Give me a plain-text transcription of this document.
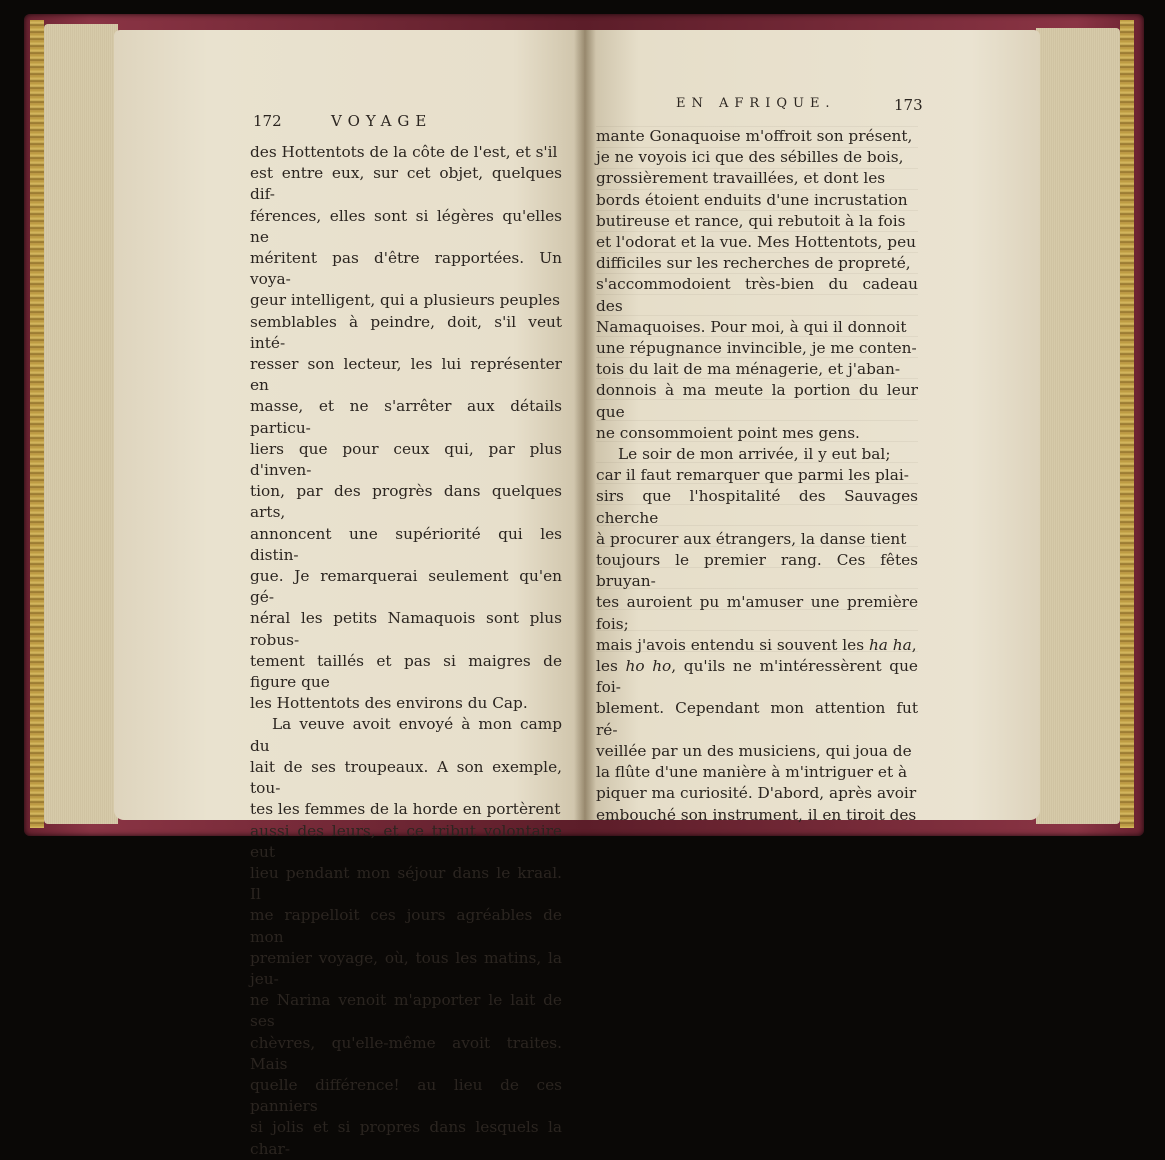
172	VOYAGE

des Hottentots de la côte de l'est, et s'il

est entre eux, sur cet objet, quelques dif-

férences, elles sont si légères qu'elles ne

méritent pas d'être rapportées. Un voya-

geur intelligent, qui a plusieurs peuples

semblables à peindre, doit, s'il veut inté-

resser son lecteur, les lui représenter en

masse, et ne s'arrêter aux détails particu-

liers que pour ceux qui, par plus d'inven-

tion, par des progrès dans quelques arts,

annoncent une supériorité qui les distin-

gue. Je remarquerai seulement qu'en gé-

néral les petits Namaquois sont plus robus-

tement taillés et pas si maigres de figure que

les Hottentots des environs du Cap.

La veuve avoit envoyé à mon camp du

lait de ses troupeaux. A son exemple, tou-

tes les femmes de la horde en portèrent

aussi des leurs, et ce tribut volontaire eut

lieu pendant mon séjour dans le kraal. Il

me rappelloit ces jours agréables de mon

premier voyage, où, tous les matins, la jeu-

ne Narina venoit m'apporter le lait de ses

chèvres, qu'elle-même avoit traites. Mais

quelle différence! au lieu de ces panniers

si jolis et si propres dans lesquels la char-

EN AFRIQUE.	173

mante Gonaquoise m'offroit son présent,

je ne voyois ici que des sébilles de bois,

grossièrement travaillées, et dont les

bords étoient enduits d'une incrustation

butireuse et rance, qui rebutoit à la fois

et l'odorat et la vue. Mes Hottentots, peu

difficiles sur les recherches de propreté,

s'accommodoient très-bien du cadeau des

Namaquoises. Pour moi, à qui il donnoit

une répugnance invincible, je me conten-

tois du lait de ma ménagerie, et j'aban-

donnois à ma meute la portion du leur que

ne consommoient point mes gens.

Le soir de mon arrivée, il y eut bal;

car il faut remarquer que parmi les plai-

sirs que l'hospitalité des Sauvages cherche

à procurer aux étrangers, la danse tient

toujours le premier rang. Ces fêtes bruyan-

tes auroient pu m'amuser une première fois;

mais j'avois entendu si souvent les ha ha,

les ho ho, qu'ils ne m'intéressèrent que foi-

blement. Cependant mon attention fut ré-

veillée par un des musiciens, qui joua de

la flûte d'une manière à m'intriguer et à

piquer ma curiosité. D'abord, après avoir

embouché son instrument, il en tiroit des
